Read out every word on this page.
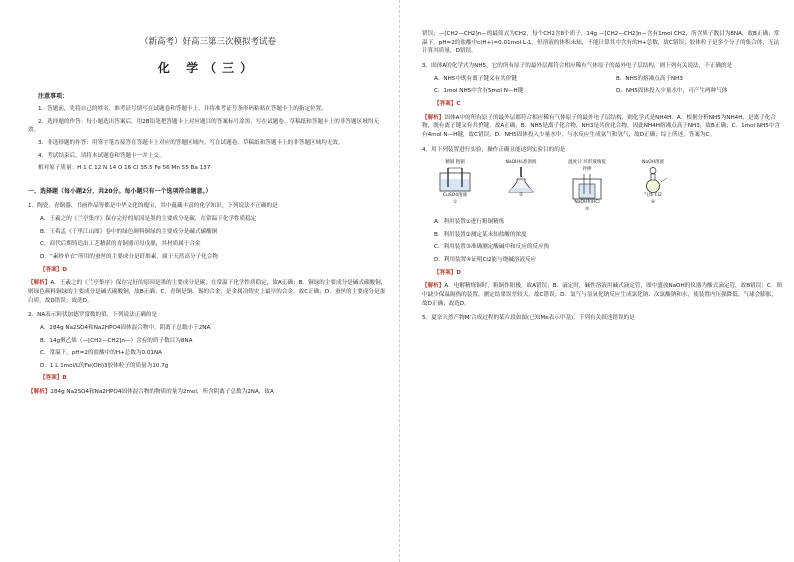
（新高考）好高三第三次模拟考试卷
化 学（三）

注意事项：

1．答题前，先将自己的姓名、准考证号填写在试题卷和答题卡上，并将准考证号条形码粘贴在答题卡上的指定位置。

2．选择题的作答：每小题选出答案后，用2B铅笔把答题卡上对应题目的答案标号涂黑，写在试题卷、草稿纸和答题卡上的非答题区域均无效。

3．非选择题的作答：用签字笔直接答在答题卡上对应的答题区域内。写在试题卷、草稿纸和答题卡上的非答题区域均无效。

4．考试结束后，请将本试题卷和答题卡一并上交。

相对原子质量：H 1 C 12 N 14 O 16 Cl 35.5 Fe 56 Mn 55 Ba 137

一、选择题（每小题2分，共20分。每小题只有一个选项符合题意。）

1．陶瓷、青铜器、书画作品等都是中华文化的瑰宝，其中蕴藏丰富的化学知识。下列说法不正确的是

A．王羲之的《兰亭集序》保存完好的原因是墨的主要成分是碳，在常温下化学性质稳定

B．王希孟《千里江山图》卷中的绿色颜料铜绿的主要成分是碱式碳酸铜

C．商代后期铸造出工艺精湛的青铜器司母戊鼎，其材质属于合金

D．“素纱单衣”所用的蚕丝的主要成分是纤维素，属于天然高分子化合物

【答案】D

【解析】A．王羲之的《兰亭集序》保存完好的原因是墨的主要成分是碳，在常温下化学性质稳定，故A正确；B．铜绿的主要成分是碱式碳酸铜，则绿色颜料铜绿的主要成分是碱式碳酸铜，故B正确；C．青铜是铜、锡的合金，是金属冶铸史上最早的合金，故C正确；D．蚕丝的主要成分是蛋白质，故D错误；故选D。

2．NA表示阿伏加德罗常数的值，下列说法正确的是

A．284g Na2SO4和Na2HPO4固体混合物中，阴离子总数小于2NA

B．14g聚乙烯（—[CH2—CH2]n—）含有的质子数目为8NA

C．常温下，pH=2的盐酸中的H+总数为0.01NA

D．1 L 1mol/L的Fe(OH)3胶体粒子的质量为10.7g

【答案】B

【解析】284g Na2SO4和Na2HPO4固体混合物的物质的量为2mol，所含阴离子总数为2NA，故A

错误；—[CH2—CH2]n—的最简式为CH2，每个CH2含8个质子，14g —[CH2—CH2]n—含有1mol CH2，所含质子数目为8NA，故B正确；常温下，pH=2的盐酸中c(H+)=0.01mol·L-1，但溶液的体积未知，不能计算其中含有的H+总数，故C错误；胶体粒子是多个分子的集合体，无法计算其质量，D错误。

3．固体A的化学式为NH5，它的所有原子的最外层都符合相应稀有气体原子的最外电子层结构，则下列有关说法，不正确的是

A．NH5中既有离子键又有共价键	B．NH5的熔沸点高于NH3

C．1mol NH5中含有5mol N—H键	D．NH5固体投入少量水中，可产生两种气体

【答案】C

【解析】固体A中的所有原子的最外层都符合相应稀有气体原子的最外电子层结构，则化学式是NH4H。A．根据分析NH5为NH4H，是离子化合物，既有离子键又有共价键，故A正确；B．NH5是离子化合物，NH3是共价化合物，因此NH4H熔沸点高于NH3，故B正确；C．1mol NH5中含有4mol N—H键，故C错误；D．NH5固体投入少量水中，与水反应生成氨气和氢气，故D正确；综上所述，答案为C。

4．用下列装置进行实验，操作正确且能达到实验目的的是

精铜 粗铜
CuSO4溶液
①
NaOH标准溶液
②
温度计 环形玻璃搅拌棒
NaOH和HCl
③
NaOH溶液
气体 Cl2
④

A．利用装置①进行粗铜精炼

B．利用装置②测定某未知盐酸的浓度

C．利用装置③准确测定酸碱中和反应的反应热

D．利用装置④证明Cl2能与烧碱溶液反应

【答案】D

【解析】A．电解精炼铜时，粗铜作阳极，故A错误；B．滴定时，碱性溶液用碱式滴定管，图中盛放NaOH的仪器为酸式滴定管，故B错误；C．图中缺少保温隔热的装置，测定结果误差较大，故C错误；D．氯气与氢氧化钠反应生成氯化钠、次氯酸钠和水，使装置内压强降低，气球会膨胀，故D正确；故选D。

5．夏奈天然产物M'合成过程的某片段如图(已知Me表示甲基)，下列有关叙述错误的是
